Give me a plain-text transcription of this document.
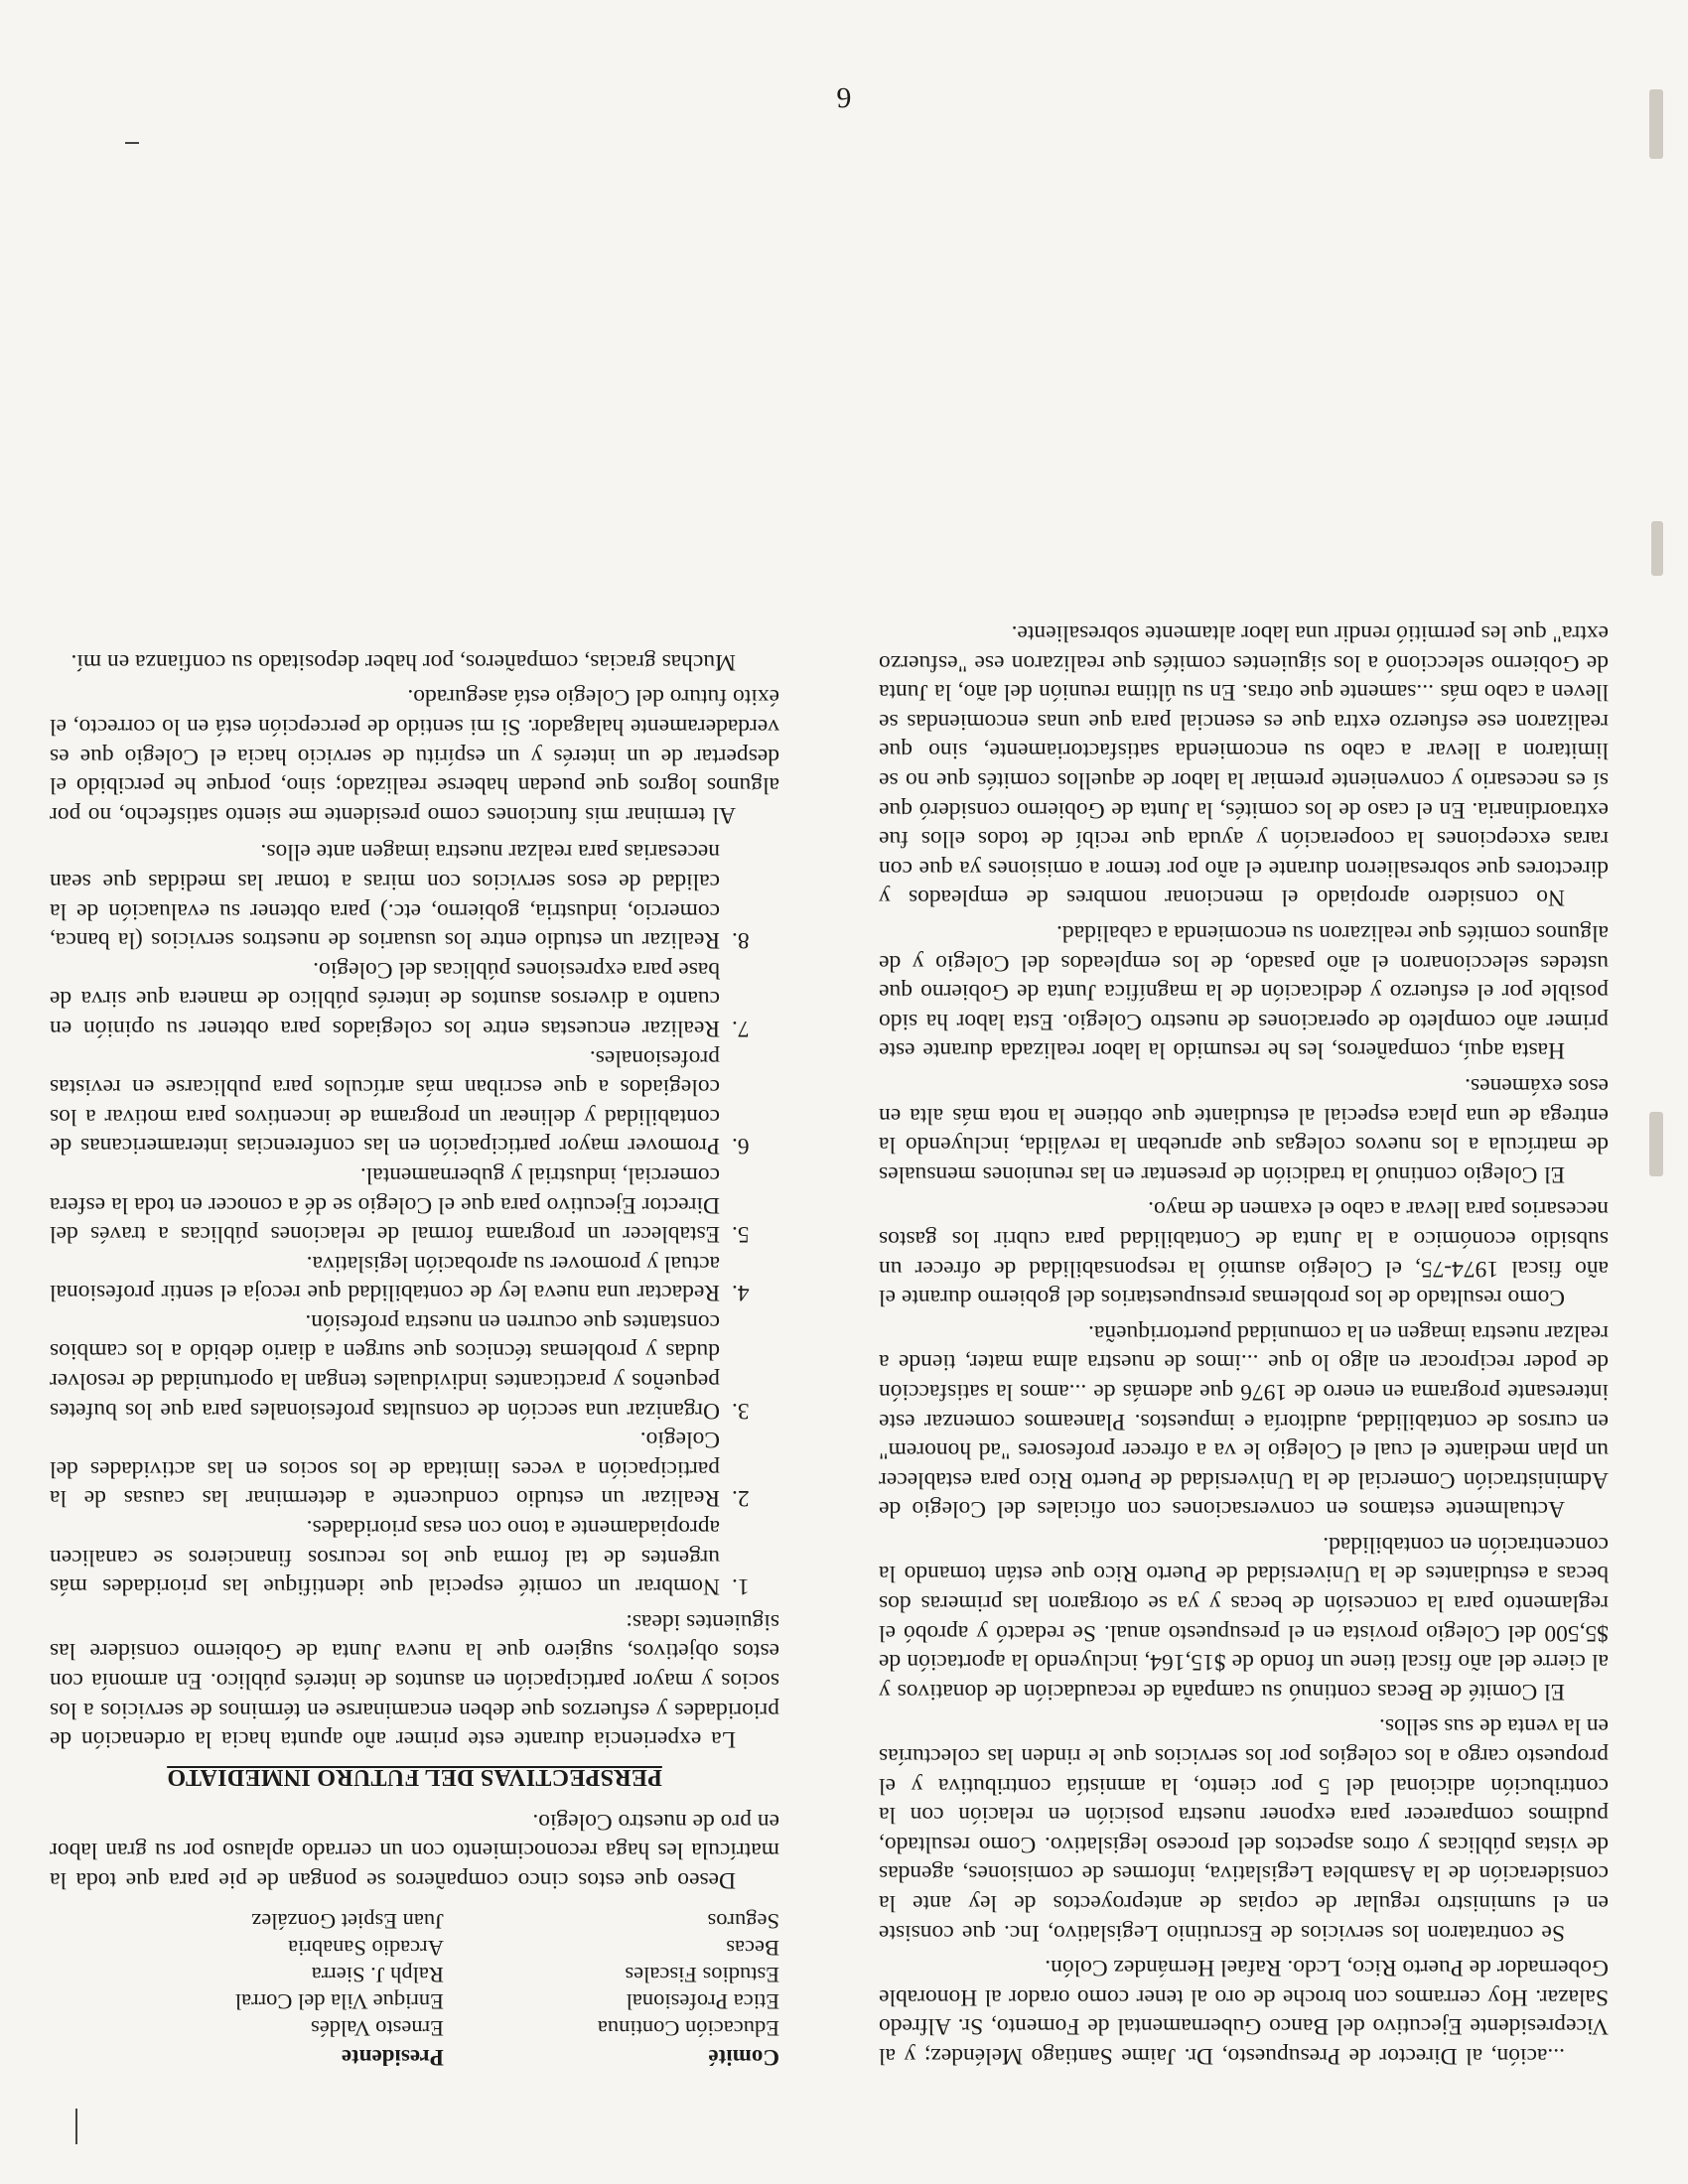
6

...ación, al Director de Presupuesto, Dr. Jaime Santiago Meléndez; y al Vicepresidente Ejecutivo del Banco Gubernamental de Fomento, Sr. Alfredo Salazar. Hoy cerramos con broche de oro al tener como orador al Honorable Gobernador de Puerto Rico, Lcdo. Rafael Hernández Colón.

Se contrataron los servicios de Escrutinio Legislativo, Inc. que consiste en el suministro regular de copias de anteproyectos de ley ante la consideración de la Asamblea Legislativa, informes de comisiones, agendas de vistas públicas y otros aspectos del proceso legislativo. Como resultado, pudimos comparecer para exponer nuestra posición en relación con la contribución adicional del 5 por ciento, la amnistía contributiva y el propuesto cargo a los colegios por los servicios que le rinden las colecturías en la venta de sus sellos.

El Comité de Becas continuó su campaña de recaudación de donativos y al cierre del año fiscal tiene un fondo de $15,164, incluyendo la aportación de $5,500 del Colegio provista en el presupuesto anual. Se redactó y aprobó el reglamento para la concesión de becas y ya se otorgaron las primeras dos becas a estudiantes de la Universidad de Puerto Rico que están tomando la concentración en contabilidad.

Actualmente estamos en conversaciones con oficiales del Colegio de Administración Comercial de la Universidad de Puerto Rico para establecer un plan mediante el cual el Colegio le va a ofrecer profesores "ad honorem" en cursos de contabilidad, auditoría e impuestos. Planeamos comenzar este interesante programa en enero de 1976 que además de ...amos la satisfacción de poder reciprocar en algo lo que ...imos de nuestra alma mater, tiende a realzar nuestra imagen en la comunidad puertorriqueña.

Como resultado de los problemas presupuestarios del gobierno durante el año fiscal 1974-75, el Colegio asumió la responsabilidad de ofrecer un subsidio económico a la Junta de Contabilidad para cubrir los gastos necesarios para llevar a cabo el examen de mayo.

El Colegio continuó la tradición de presentar en las reuniones mensuales de matrícula a los nuevos colegas que aprueban la reválida, incluyendo la entrega de una placa especial al estudiante que obtiene la nota más alta en esos exámenes.

Hasta aquí, compañeros, les he resumido la labor realizada durante este primer año completo de operaciones de nuestro Colegio. Esta labor ha sido posible por el esfuerzo y dedicación de la magnífica Junta de Gobierno que ustedes seleccionaron el año pasado, de los empleados del Colegio y de algunos comités que realizaron su encomienda a cabalidad.

No considero apropiado el mencionar nombres de empleados y directores que sobresalieron durante el año por temor a omisiones ya que con raras excepciones la cooperación y ayuda que recibí de todos ellos fue extraordinaria. En el caso de los comités, la Junta de Gobierno consideró que sí es necesario y conveniente premiar la labor de aquellos comités que no se limitaron a llevar a cabo su encomienda satisfactoriamente, sino que realizaron ese esfuerzo extra que es esencial para que unas encomiendas se lleven a cabo más ...samente que otras. En su última reunión del año, la Junta de Gobierno seleccionó a los siguientes comités que realizaron ese "esfuerzo extra" que les permitió rendir una labor altamente sobresaliente.

Comité	Presidente
Educación Continua	Ernesto Valdés
Etica Profesional	Enrique Vila del Corral
Estudios Fiscales	Ralph J. Sierra
Becas	Arcadio Sanabria
Seguros	Juan Espiet González

Deseo que estos cinco compañeros se pongan de pie para que toda la matrícula les haga reconocimiento con un cerrado aplauso por su gran labor en pro de nuestro Colegio.

PERSPECTIVAS DEL FUTURO INMEDIATO

La experiencia durante este primer año apunta hacia la ordenación de prioridades y esfuerzos que deben encaminarse en términos de servicios a los socios y mayor participación en asuntos de interés público. En armonía con estos objetivos, sugiero que la nueva Junta de Gobierno considere las siguientes ideas:

1.
Nombrar un comité especial que identifique las prioridades más urgentes de tal forma que los recursos financieros se canalicen apropiadamente a tono con esas prioridades.
2.
Realizar un estudio conducente a determinar las causas de la participación a veces limitada de los socios en las actividades del Colegio.
3.
Organizar una sección de consultas profesionales para que los bufetes pequeños y practicantes individuales tengan la oportunidad de resolver dudas y problemas técnicos que surgen a diario debido a los cambios constantes que ocurren en nuestra profesión.
4.
Redactar una nueva ley de contabilidad que recoja el sentir profesional actual y promover su aprobación legislativa.
5.
Establecer un programa formal de relaciones públicas a través del Director Ejecutivo para que el Colegio se dé a conocer en toda la esfera comercial, industrial y gubernamental.
6.
Promover mayor participación en las conferencias interamericanas de contabilidad y delinear un programa de incentivos para motivar a los colegiados a que escriban más artículos para publicarse en revistas profesionales.
7.
Realizar encuestas entre los colegiados para obtener su opinión en cuanto a diversos asuntos de interés público de manera que sirva de base para expresiones públicas del Colegio.
8.
Realizar un estudio entre los usuarios de nuestros servicios (la banca, comercio, industria, gobierno, etc.) para obtener su evaluación de la calidad de esos servicios con miras a tomar las medidas que sean necesarias para realzar nuestra imagen ante ellos.

Al terminar mis funciones como presidente me siento satisfecho, no por algunos logros que puedan haberse realizado; sino, porque he percibido el despertar de un interés y un espíritu de servicio hacia el Colegio que es verdaderamente halagador. Si mi sentido de percepción está en lo correcto, el éxito futuro del Colegio está asegurado.

Muchas gracias, compañeros, por haber depositado su confianza en mí.
